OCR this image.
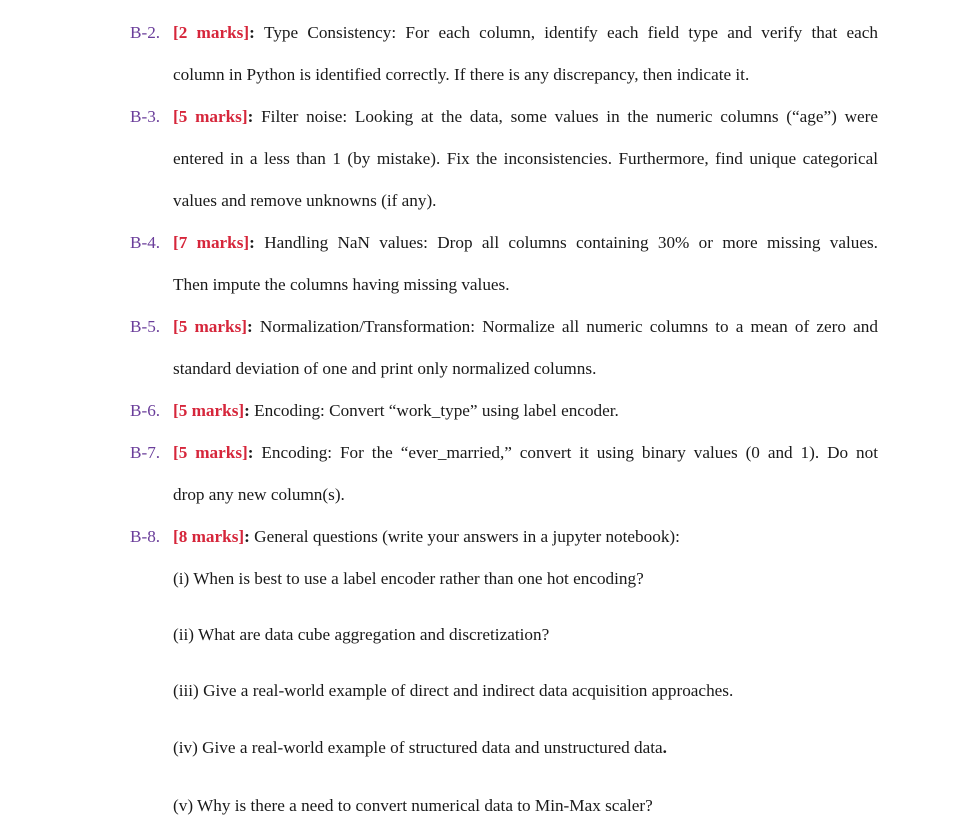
B-2. [2 marks]: Type Consistency: For each column, identify each field type and verify that each
column in Python is identified correctly. If there is any discrepancy, then indicate it.
B-3. [5 marks]: Filter noise: Looking at the data, some values in the numeric columns (“age”) were
entered in a less than 1 (by mistake). Fix the inconsistencies. Furthermore, find unique categorical
values and remove unknowns (if any).
B-4. [7 marks]: Handling NaN values: Drop all columns containing 30% or more missing values.
Then impute the columns having missing values.
B-5. [5 marks]: Normalization/Transformation: Normalize all numeric columns to a mean of zero and
standard deviation of one and print only normalized columns.
B-6. [5 marks]: Encoding: Convert “work_type” using label encoder.
B-7. [5 marks]: Encoding: For the “ever_married,” convert it using binary values (0 and 1). Do not
drop any new column(s).
B-8. [8 marks]: General questions (write your answers in a jupyter notebook):
(i) When is best to use a label encoder rather than one hot encoding?
(ii) What are data cube aggregation and discretization?
(iii) Give a real-world example of direct and indirect data acquisition approaches.
(iv) Give a real-world example of structured data and unstructured data.
(v) Why is there a need to convert numerical data to Min-Max scaler?
